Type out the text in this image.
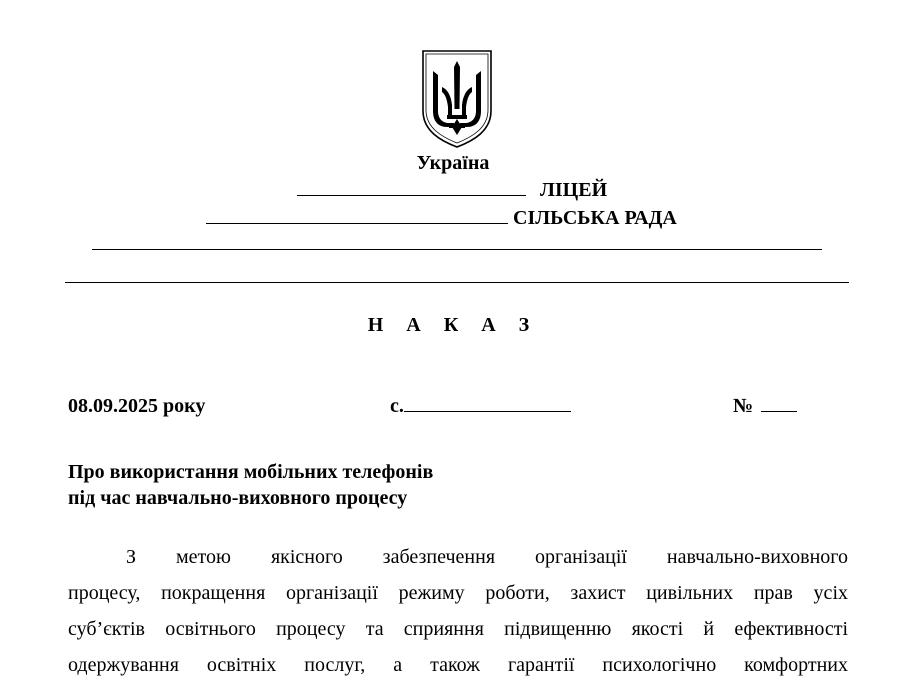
Україна
ЛІЦЕЙ
СІЛЬСЬКА РАДА
Н А К А З
08.09.2025 року	с.	№
Про використання мобільних телефонів
під час навчально-виховного процесу
З метою якісного забезпечення організації навчально-виховного
процесу, покращення організації режиму роботи, захист цивільних прав усіх
суб’єктів освітнього процесу та сприяння підвищенню якості й ефективності
одержування освітніх послуг, а також гарантії психологічно комфортних
